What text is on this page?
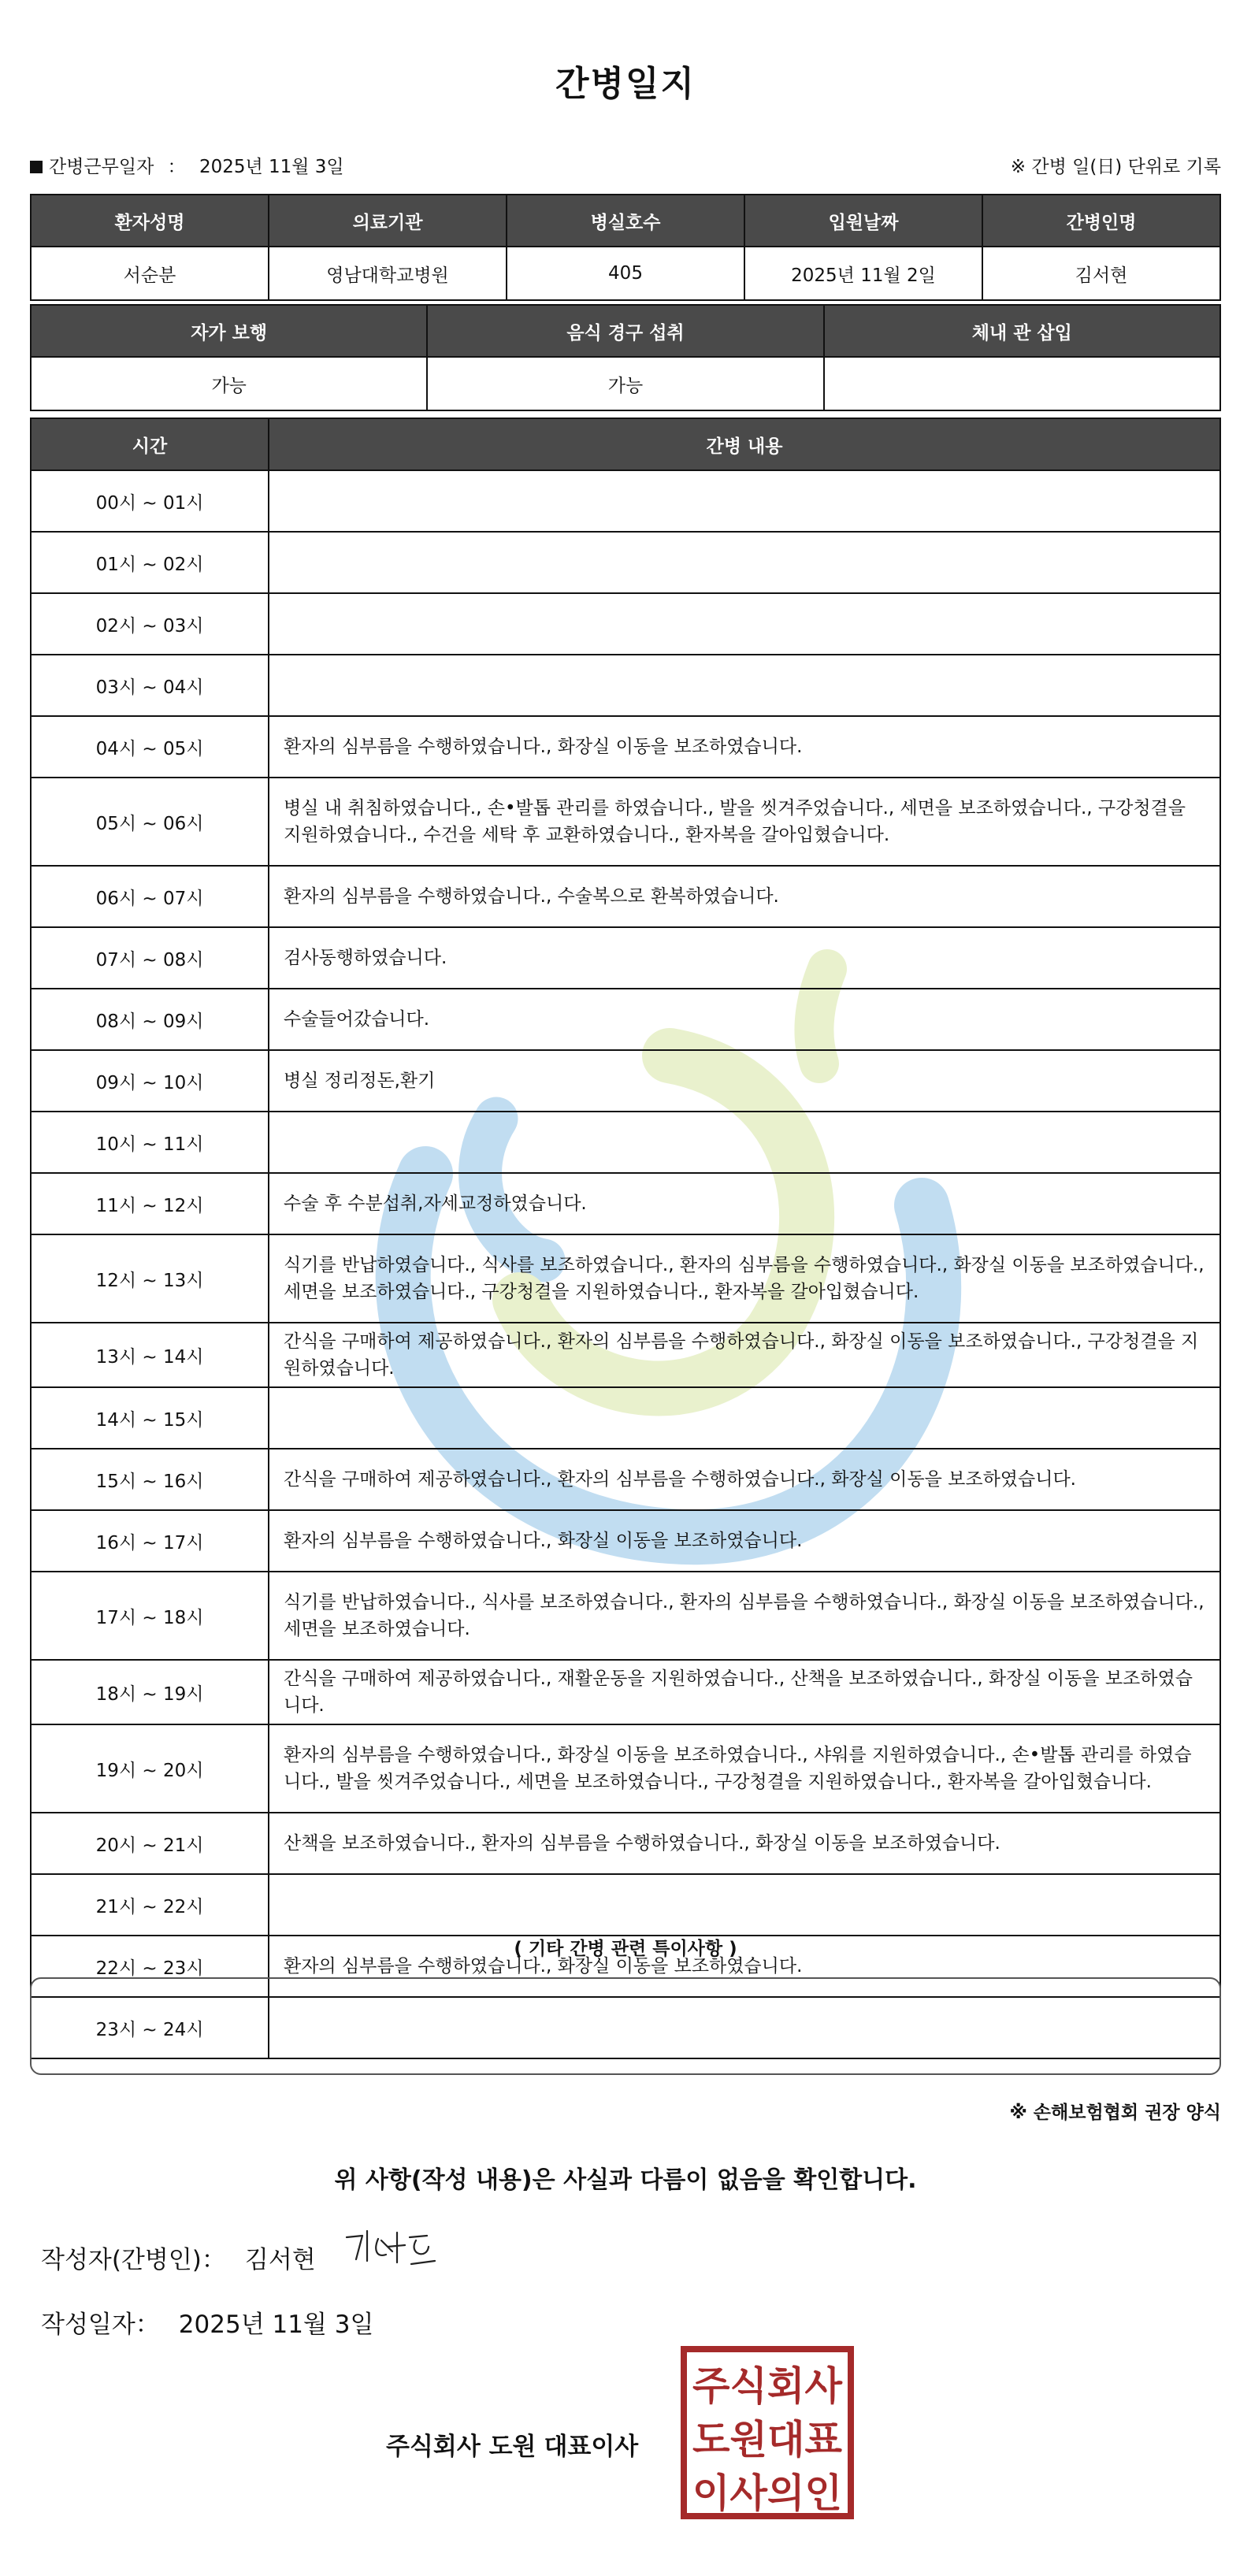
간병일지
간병근무일자 ： 2025년 11월 3일	※ 간병 일(日) 단위로 기록
환자성명	의료기관	병실호수	입원날짜	간병인명
서순분	영남대학교병원	405	2025년 11월 2일	김서현
자가 보행	음식 경구 섭취	체내 관 삽입
가능	가능	
시간	간병 내용
00시 ~ 01시	
01시 ~ 02시	
02시 ~ 03시	
03시 ~ 04시	
04시 ~ 05시	환자의 심부름을 수행하였습니다., 화장실 이동을 보조하였습니다.
05시 ~ 06시	병실 내 취침하였습니다., 손•발톱 관리를 하였습니다., 발을 씻겨주었습니다., 세면을 보조하였습니다., 구강청결을 지원하였습니다., 수건을 세탁 후 교환하였습니다., 환자복을 갈아입혔습니다.
06시 ~ 07시	환자의 심부름을 수행하였습니다., 수술복으로 환복하였습니다.
07시 ~ 08시	검사동행하였습니다.
08시 ~ 09시	수술들어갔습니다.
09시 ~ 10시	병실 정리정돈,환기
10시 ~ 11시	
11시 ~ 12시	수술 후 수분섭취,자세교정하였습니다.
12시 ~ 13시	식기를 반납하였습니다., 식사를 보조하였습니다., 환자의 심부름을 수행하였습니다., 화장실 이동을 보조하였습니다., 세면을 보조하였습니다., 구강청결을 지원하였습니다., 환자복을 갈아입혔습니다.
13시 ~ 14시	간식을 구매하여 제공하였습니다., 환자의 심부름을 수행하였습니다., 화장실 이동을 보조하였습니다., 구강청결을 지원하였습니다.
14시 ~ 15시	
15시 ~ 16시	간식을 구매하여 제공하였습니다., 환자의 심부름을 수행하였습니다., 화장실 이동을 보조하였습니다.
16시 ~ 17시	환자의 심부름을 수행하였습니다., 화장실 이동을 보조하였습니다.
17시 ~ 18시	식기를 반납하였습니다., 식사를 보조하였습니다., 환자의 심부름을 수행하였습니다., 화장실 이동을 보조하였습니다., 세면을 보조하였습니다.
18시 ~ 19시	간식을 구매하여 제공하였습니다., 재활운동을 지원하였습니다., 산책을 보조하였습니다., 화장실 이동을 보조하였습니다.
19시 ~ 20시	환자의 심부름을 수행하였습니다., 화장실 이동을 보조하였습니다., 샤워를 지원하였습니다., 손•발톱 관리를 하였습니다., 발을 씻겨주었습니다., 세면을 보조하였습니다., 구강청결을 지원하였습니다., 환자복을 갈아입혔습니다.
20시 ~ 21시	산책을 보조하였습니다., 환자의 심부름을 수행하였습니다., 화장실 이동을 보조하였습니다.
21시 ~ 22시	
22시 ~ 23시	환자의 심부름을 수행하였습니다., 화장실 이동을 보조하였습니다.
23시 ~ 24시	
( 기타 간병 관련 특이사항 )
※ 손해보험협회 권장 양식
위 사항(작성 내용)은 사실과 다름이 없음을 확인합니다.
작성자(간병인)： 김서현
작성일자： 2025년 11월 3일
주식회사 도원 대표이사
주식회사
도원대표
이사의인
